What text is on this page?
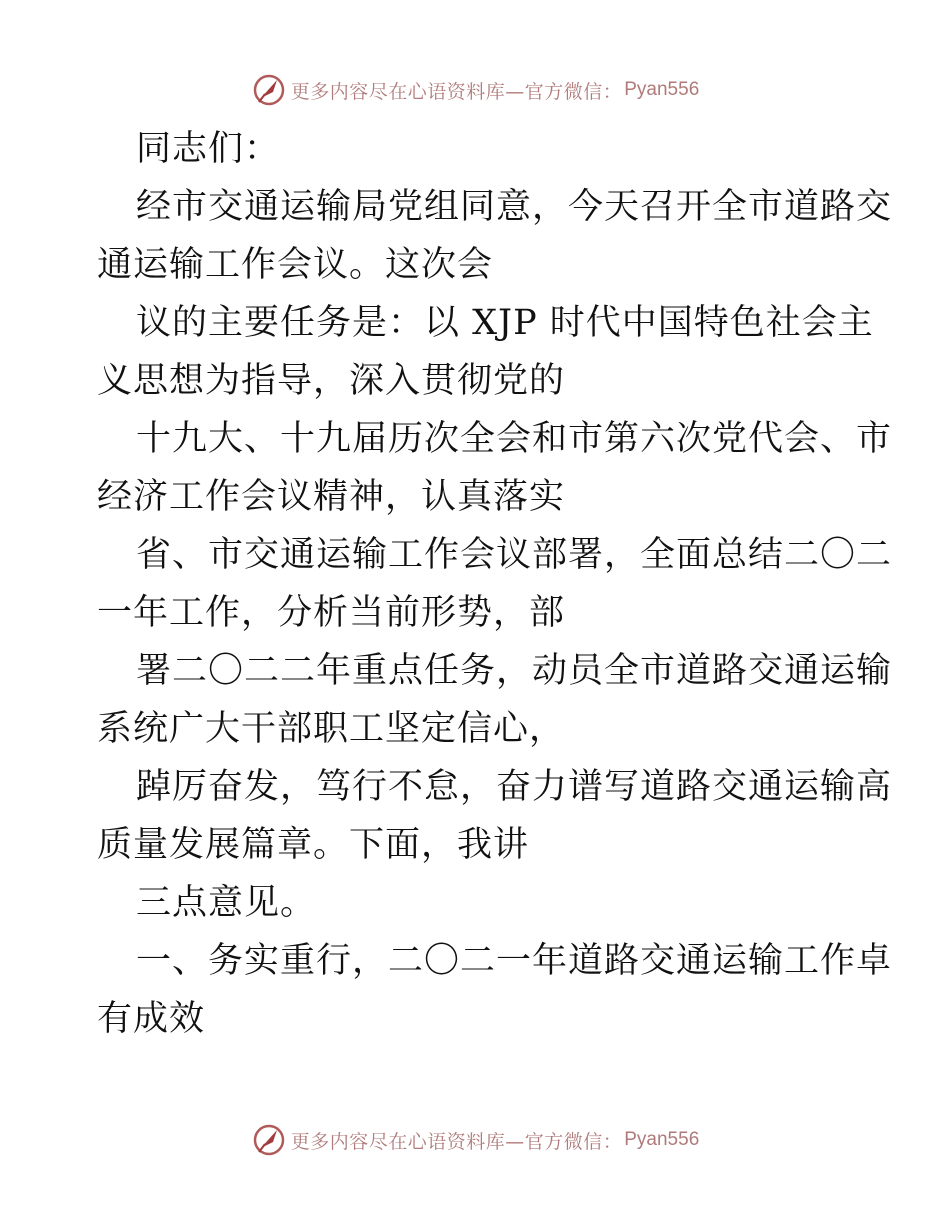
更多内容尽在心语资料库—官方微信： Pyan556
同志们：
经市交通运输局党组同意，今天召开全市道路交
通运输工作会议。这次会
议的主要任务是：以 XJP 时代中国特色社会主
义思想为指导，深入贯彻党的
十九大、十九届历次全会和市第六次党代会、市
经济工作会议精神，认真落实
省、市交通运输工作会议部署，全面总结二〇二
一年工作，分析当前形势，部
署二〇二二年重点任务，动员全市道路交通运输
系统广大干部职工坚定信心，
踔厉奋发，笃行不怠，奋力谱写道路交通运输高
质量发展篇章。下面，我讲
三点意见。
一、务实重行，二〇二一年道路交通运输工作卓
有成效
更多内容尽在心语资料库—官方微信： Pyan556
